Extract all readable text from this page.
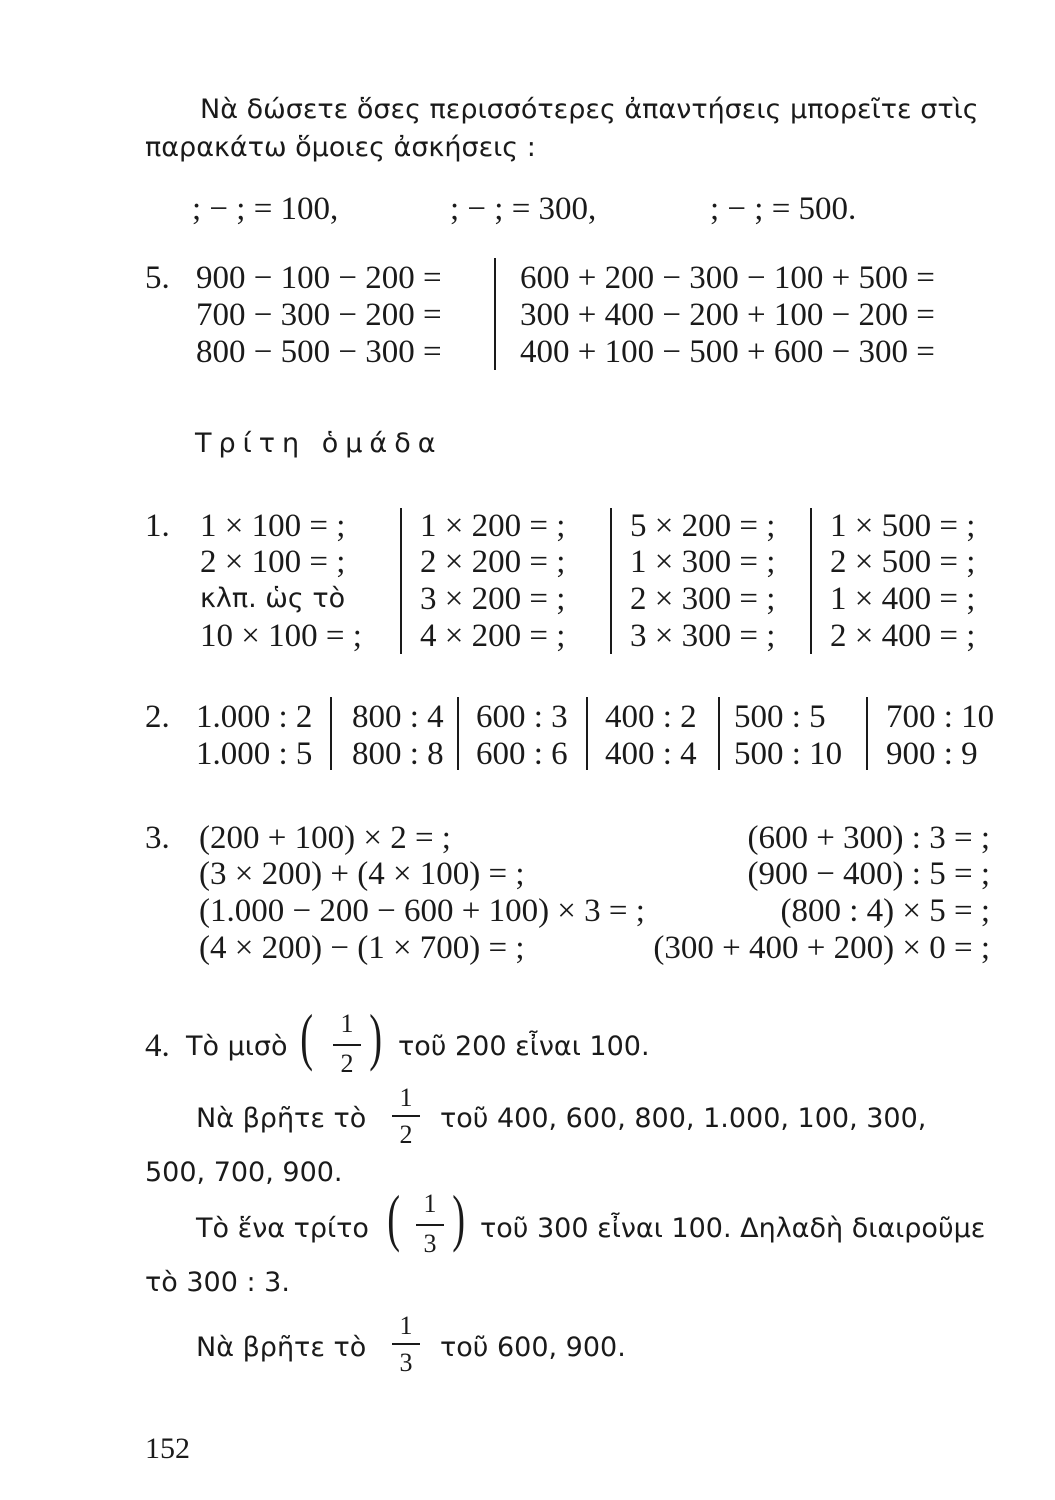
Νὰ δώσετε ὅσες περισσότερες ἀπαντήσεις μπορεῖτε στὶς
παρακάτω ὅμοιες ἀσκήσεις :
; − ; = 100,	; − ; = 300,	; − ; = 500.
5. 900 − 100 − 200 =
700 − 300 − 200 =
800 − 500 − 300 =
600 + 200 − 300 − 100 + 500 =
300 + 400 − 200 + 100 − 200 =
400 + 100 − 500 + 600 − 300 =
Τρίτη ὁμάδα
1. 1 × 100 = ;
2 × 100 = ;
κλπ. ὡς τὸ
10 × 100 = ;
1 × 200 = ;
2 × 200 = ;
3 × 200 = ;
4 × 200 = ;
5 × 200 = ;
1 × 300 = ;
2 × 300 = ;
3 × 300 = ;
1 × 500 = ;
2 × 500 = ;
1 × 400 = ;
2 × 400 = ;
2. 1.000 : 2
1.000 : 5
800 : 4
800 : 8
600 : 3
600 : 6
400 : 2
400 : 4
500 : 5
500 : 10
700 : 10
900 : 9
3. (200 + 100) × 2 = ;
(3 × 200) + (4 × 100) = ;
(1.000 − 200 − 600 + 100) × 3 = ;
(4 × 200) − (1 × 700) = ;
(600 + 300) : 3 = ;
(900 − 400) : 5 = ;
(800 : 4) × 5 = ;
(300 + 400 + 200) × 0 = ;
4. Τὸ μισὸ ( 1
2 ) τοῦ 200 εἶναι 100.
Νὰ βρῆτε τὸ
1
2
τοῦ 400, 600, 800, 1.000, 100, 300,
500, 700, 900.
Τὸ ἕνα τρίτο ( 1
3 ) τοῦ 300 εἶναι 100. Δηλαδὴ διαιροῦμε
τὸ 300 : 3.
Νὰ βρῆτε τὸ
1
3 τοῦ 600, 900.
152
